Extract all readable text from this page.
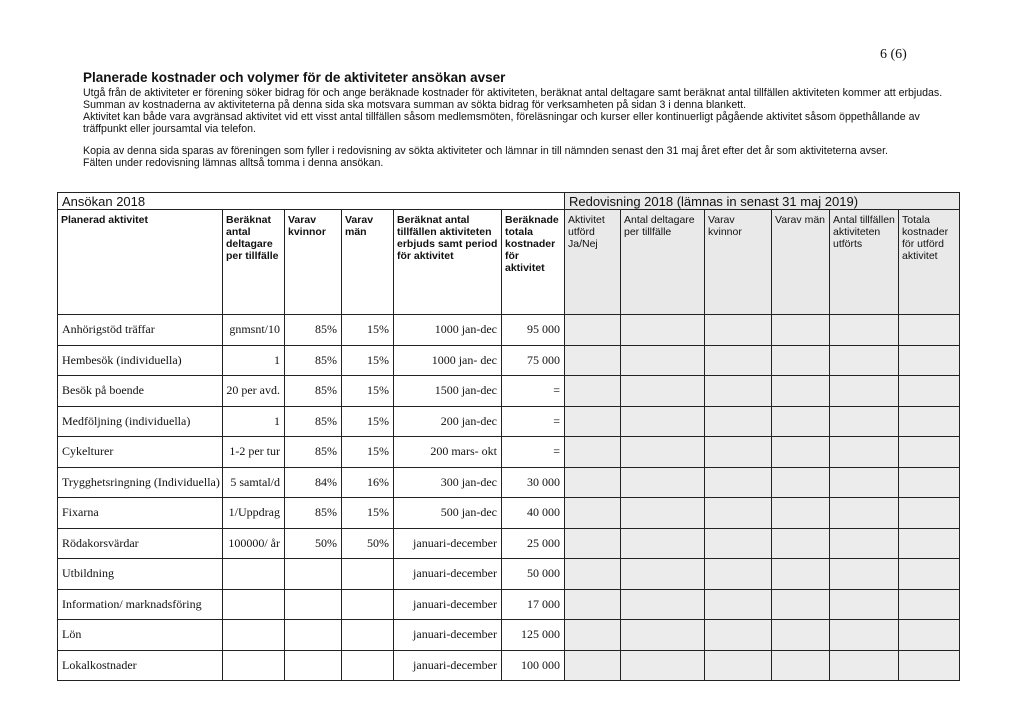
6 (6)
Planerade kostnader och volymer för de aktiviteter ansökan avser

Utgå från de aktiviteter er förening söker bidrag för och ange beräknade kostnader för aktiviteten, beräknat antal deltagare samt beräknat antal tillfällen aktiviteten kommer att erbjudas. Summan av kostnaderna av aktiviteterna på denna sida ska motsvara summan av sökta bidrag för verksamheten på sidan 3 i denna blankett.

Aktivitet kan både vara avgränsad aktivitet vid ett visst antal tillfällen såsom medlemsmöten, föreläsningar och kurser eller kontinuerligt pågående aktivitet såsom öppethållande av träffpunkt eller joursamtal via telefon.

Kopia av denna sida sparas av föreningen som fyller i redovisning av sökta aktiviteter och lämnar in till nämnden senast den 31 maj året efter det år som aktiviteterna avser.

Fälten under redovisning lämnas alltså tomma i denna ansökan.

Ansökan 2018						Redovisning 2018 (lämnas in senast 31 maj 2019)					
Planerad aktivitet	Beräknat antal deltagare per tillfälle	Varav kvinnor	Varav män	Beräknat antal tillfällen aktiviteten erbjuds samt period för aktivitet	Beräknade totala kostnader för aktivitet	Aktivitet utförd Ja/Nej	Antal deltagare per tillfälle	Varav kvinnor	Varav män	Antal tillfällen aktiviteten utförts	Totala kostnader för utförd aktivitet
Anhörigstöd träffar	gnmsnt/10	85%	15%	1000 jan-dec	95 000						
Hembesök (individuella)	1	85%	15%	1000 jan- dec	75 000						
Besök på boende	20 per avd.	85%	15%	1500 jan-dec	=						
Medföljning (individuella)	1	85%	15%	200 jan-dec	=						
Cykelturer	1-2 per tur	85%	15%	200 mars- okt	=						
Trygghetsringning (Individuella)	5 samtal/d	84%	16%	300 jan-dec	30 000						
Fixarna	1/Uppdrag	85%	15%	500 jan-dec	40 000						
Rödakorsvärdar	100000/ år	50%	50%	januari-december	25 000						
Utbildning				januari-december	50 000						
Information/ marknadsföring				januari-december	17 000						
Lön				januari-december	125 000						
Lokalkostnader				januari-december	100 000						
